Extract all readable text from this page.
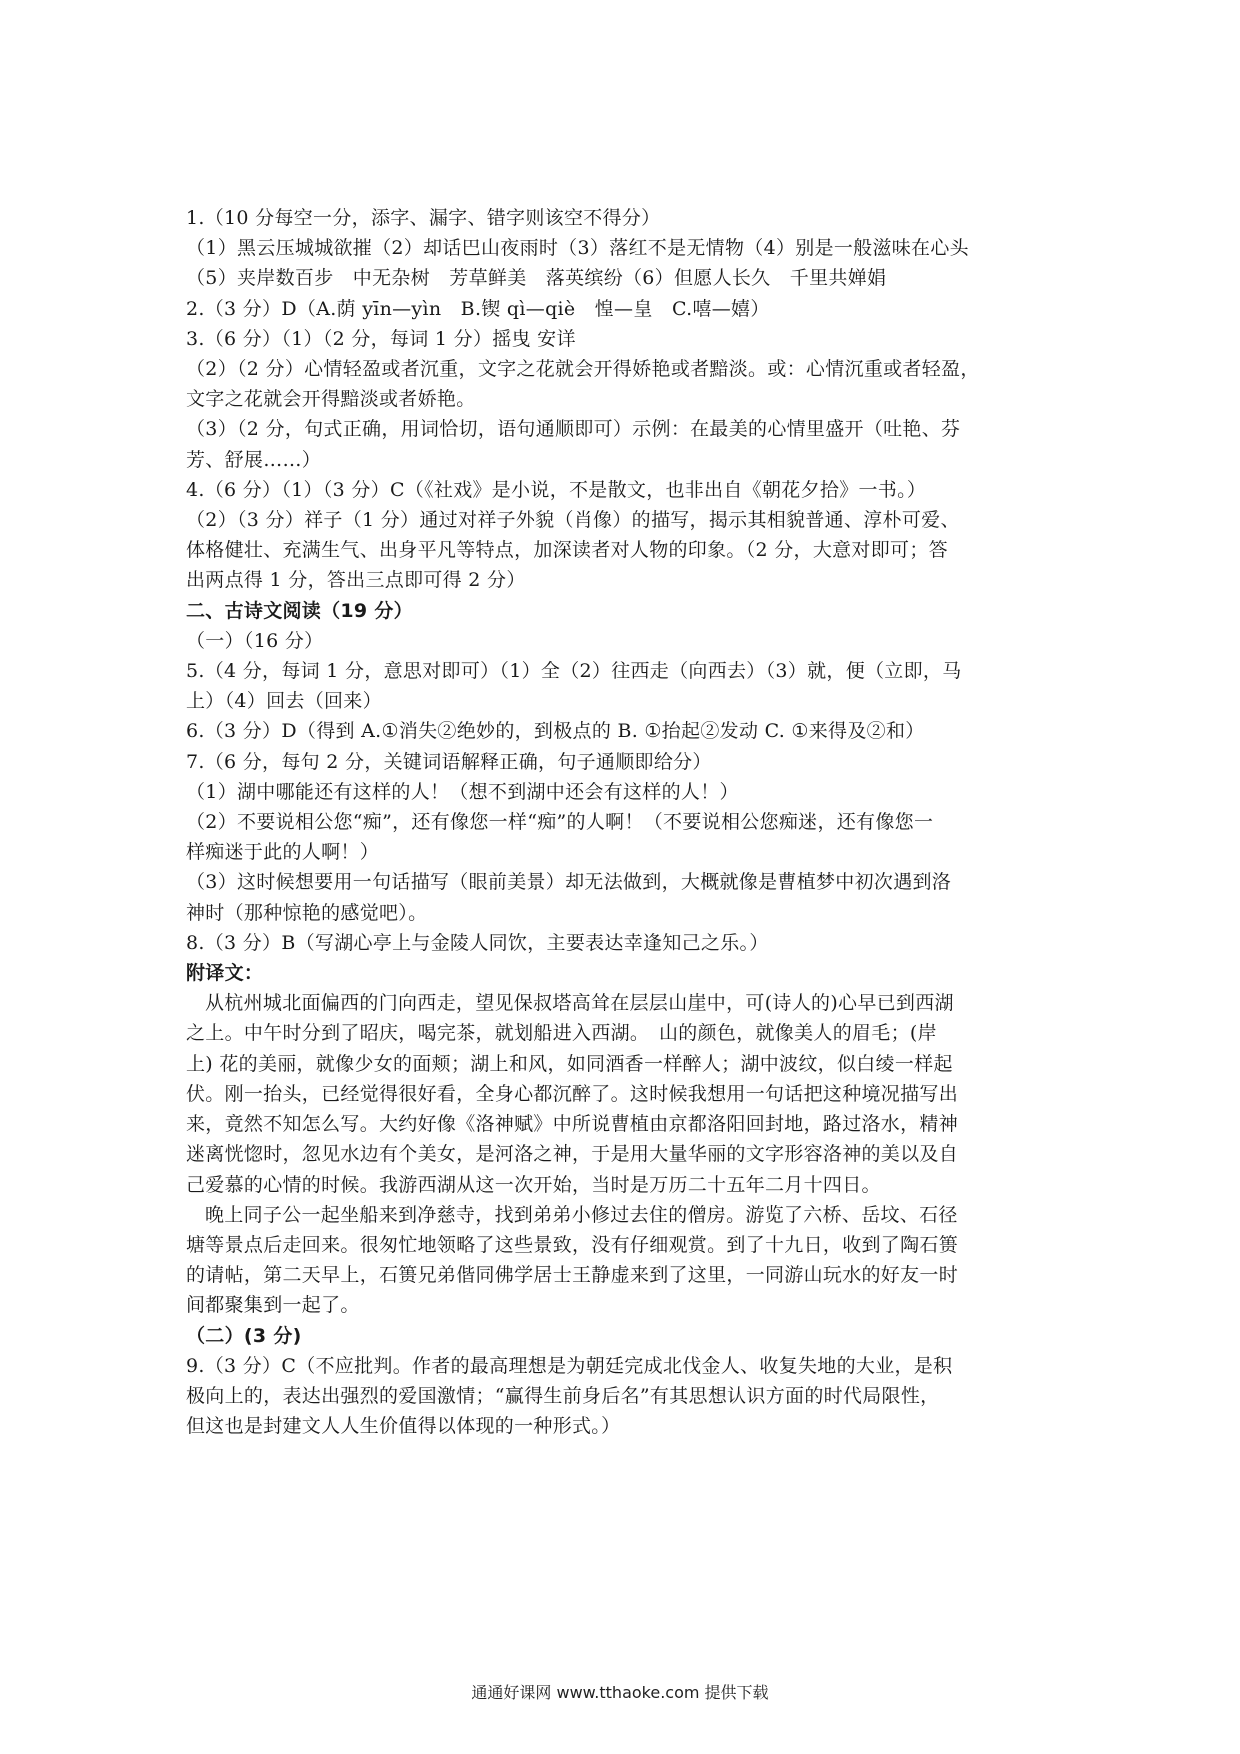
1.（10 分每空一分，添字、漏字、错字则该空不得分）

（1）黑云压城城欲摧（2）却话巴山夜雨时（3）落红不是无情物（4）别是一般滋味在心头

（5）夹岸数百步　中无杂树　芳草鲜美　落英缤纷（6）但愿人长久　千里共婵娟

2.（3 分）D（A.荫 yīn—yìn　B.锲 qì—qiè　惶—皇　C.嘻—嬉）

3.（6 分）（1）（2 分，每词 1 分）摇曳 安详

（2）（2 分）心情轻盈或者沉重，文字之花就会开得娇艳或者黯淡。或：心情沉重或者轻盈，

文字之花就会开得黯淡或者娇艳。

（3）（2 分，句式正确，用词恰切，语句通顺即可）示例：在最美的心情里盛开（吐艳、芬

芳、舒展……）

4.（6 分）（1）（3 分）C（《社戏》是小说，不是散文，也非出自《朝花夕拾》一书。）

（2）（3 分）祥子（1 分）通过对祥子外貌（肖像）的描写，揭示其相貌普通、淳朴可爱、

体格健壮、充满生气、出身平凡等特点，加深读者对人物的印象。（2 分，大意对即可；答

出两点得 1 分，答出三点即可得 2 分）

二、古诗文阅读（19 分）

（一）（16 分）

5.（4 分，每词 1 分，意思对即可）（1）全（2）往西走（向西去）（3）就，便（立即，马

上）（4）回去（回来）

6.（3 分）D（得到 A.①消失②绝妙的，到极点的 B. ①抬起②发动 C. ①来得及②和）

7.（6 分，每句 2 分，关键词语解释正确，句子通顺即给分）

（1）湖中哪能还有这样的人！（想不到湖中还会有这样的人！）

（2）不要说相公您“痴”，还有像您一样“痴”的人啊！（不要说相公您痴迷，还有像您一

样痴迷于此的人啊！）

（3）这时候想要用一句话描写（眼前美景）却无法做到，大概就像是曹植梦中初次遇到洛

神时（那种惊艳的感觉吧）。

8.（3 分）B（写湖心亭上与金陵人同饮，主要表达幸逢知己之乐。）

附译文：

从杭州城北面偏西的门向西走，望见保叔塔高耸在层层山崖中，可(诗人的)心早已到西湖

之上。中午时分到了昭庆，喝完茶，就划船进入西湖。　山的颜色，就像美人的眉毛；(岸

上) 花的美丽，就像少女的面颊；湖上和风，如同酒香一样醉人；湖中波纹，似白绫一样起

伏。刚一抬头，已经觉得很好看，全身心都沉醉了。这时候我想用一句话把这种境况描写出

来，竟然不知怎么写。大约好像《洛神赋》中所说曹植由京都洛阳回封地，路过洛水，精神

迷离恍惚时，忽见水边有个美女，是河洛之神，于是用大量华丽的文字形容洛神的美以及自

己爱慕的心情的时候。我游西湖从这一次开始，当时是万历二十五年二月十四日。

晚上同子公一起坐船来到净慈寺，找到弟弟小修过去住的僧房。游览了六桥、岳坟、石径

塘等景点后走回来。很匆忙地领略了这些景致，没有仔细观赏。到了十九日，收到了陶石篑

的请帖，第二天早上，石篑兄弟偕同佛学居士王静虚来到了这里，一同游山玩水的好友一时

间都聚集到一起了。

（二）(3 分)

9.（3 分）C（不应批判。作者的最高理想是为朝廷完成北伐金人、收复失地的大业，是积

极向上的，表达出强烈的爱国激情；“赢得生前身后名”有其思想认识方面的时代局限性，

但这也是封建文人人生价值得以体现的一种形式。）

通通好课网 www.tthaoke.com 提供下载
